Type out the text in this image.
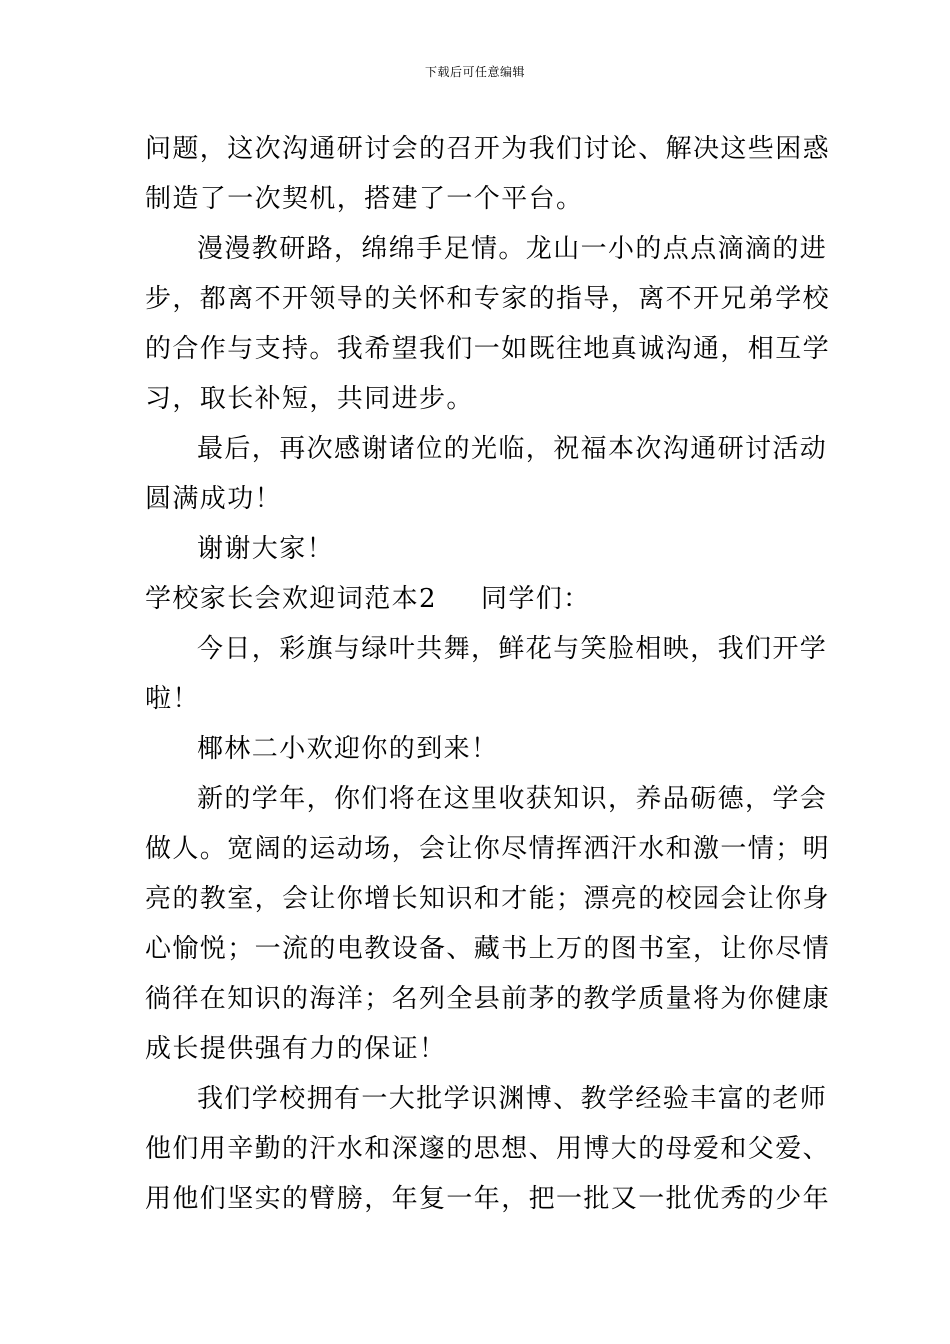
下载后可任意编辑
问题，这次沟通研讨会的召开为我们讨论、解决这些困惑
制造了一次契机，搭建了一个平台。
漫漫教研路，绵绵手足情。龙山一小的点点滴滴的进
步，都离不开领导的关怀和专家的指导，离不开兄弟学校
的合作与支持。我希望我们一如既往地真诚沟通，相互学
习，取长补短，共同进步。
最后，再次感谢诸位的光临，祝福本次沟通研讨活动
圆满成功！
谢谢大家！
学校家长会欢迎词范本2 同学们：
今日，彩旗与绿叶共舞，鲜花与笑脸相映，我们开学
啦！
椰林二小欢迎你的到来！
新的学年，你们将在这里收获知识，养品砺德，学会
做人。宽阔的运动场，会让你尽情挥洒汗水和激一情；明
亮的教室，会让你增长知识和才能；漂亮的校园会让你身
心愉悦；一流的电教设备、藏书上万的图书室，让你尽情
徜徉在知识的海洋；名列全县前茅的教学质量将为你健康
成长提供强有力的保证！
我们学校拥有一大批学识渊博、教学经验丰富的老师
他们用辛勤的汗水和深邃的思想、用博大的母爱和父爱、
用他们坚实的臂膀，年复一年，把一批又一批优秀的少年
